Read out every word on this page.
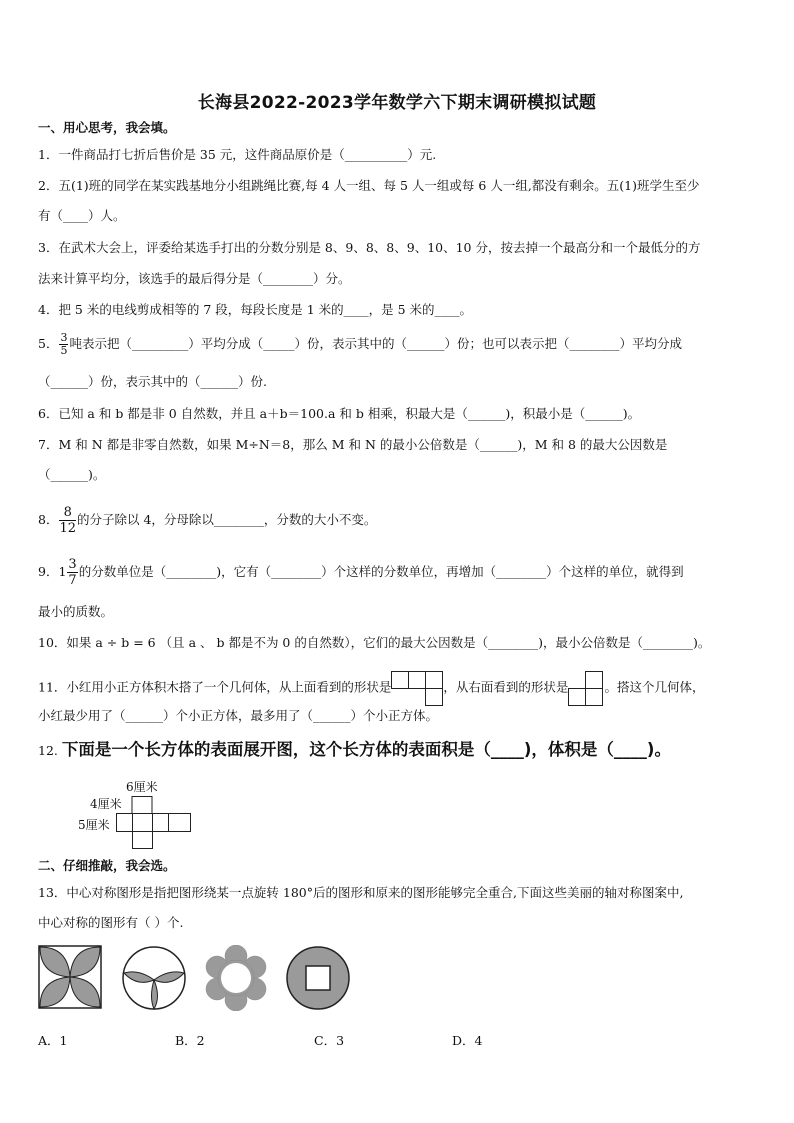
长海县2022-2023学年数学六下期末调研模拟试题
一、用心思考，我会填。
1．一件商品打七折后售价是 35 元，这件商品原价是（__________）元.
2．五(1)班的同学在某实践基地分小组跳绳比赛,每 4 人一组、每 5 人一组或每 6 人一组,都没有剩余。五(1)班学生至少
有（____）人。
3．在武术大会上，评委给某选手打出的分数分别是 8、9、8、8、9、10、10 分，按去掉一个最高分和一个最低分的方
法来计算平均分，该选手的最后得分是（________）分。
4．把 5 米的电线剪成相等的 7 段，每段长度是 1 米的____，是 5 米的____。
5． $\frac{3}{5}$ 吨表示把（_________）平均分成（_____）份，表示其中的（______）份；也可以表示把（________）平均分成
（______）份，表示其中的（______）份.
6．已知 a 和 b 都是非 0 自然数，并且 a＋b＝100.a 和 b 相乘，积最大是（______)，积最小是（______)。
7．M 和 N 都是非零自然数，如果 M÷N＝8，那么 M 和 N 的最小公倍数是（______)，M 和 8 的最大公因数是
（______)。
8． $\frac{8}{12}$ 的分子除以 4，分母除以________，分数的大小不变。
9．$1 \frac{3}{7}$ 的分数单位是（________)，它有（________）个这样的分数单位，再增加（________）个这样的单位，就得到
最小的质数。
10．如果 a ÷ b = 6 （且 a 、 b 都是不为 0 的自然数），它们的最大公因数是（________)，最小公倍数是（________)。
11．小红用小正方体积木搭了一个几何体，从上面看到的形状是	，从右面看到的形状是	。搭这个几何体，
小红最少用了（______）个小正方体，最多用了（______）个小正方体。
12. 下面是一个长方体的表面展开图，这个长方体的表面积是（____)，体积是（____)。
6厘米
4厘米
5厘米
二、仔细推敲，我会选。
13．中心对称图形是指把图形绕某一点旋转 180°后的图形和原来的图形能够完全重合,下面这些美丽的轴对称图案中,
中心对称的图形有（ ）个.
A．1	B．2	C．3	D．4
